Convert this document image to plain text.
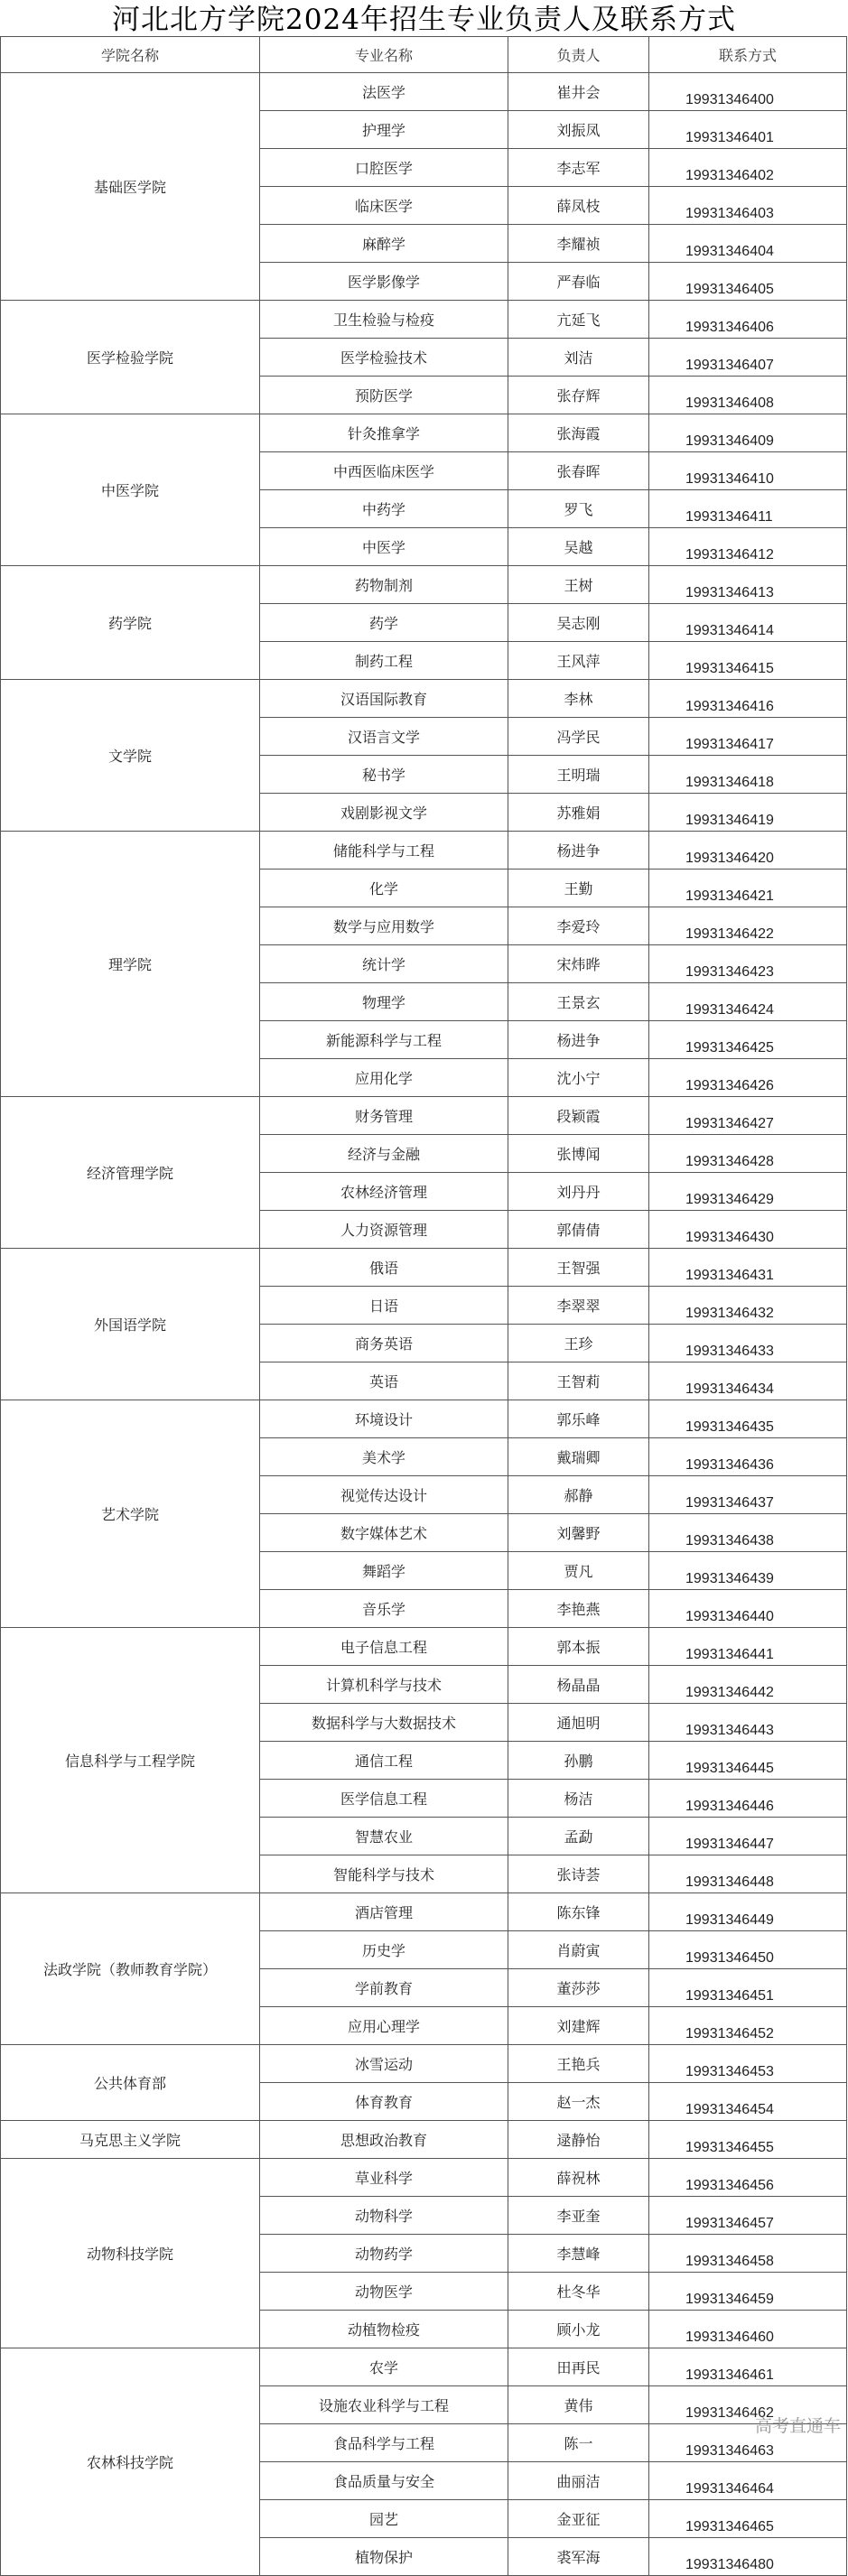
河北北方学院2024年招生专业负责人及联系方式
学院名称	专业名称	负责人	联系方式
基础医学院	法医学	崔井会	19931346400
	护理学	刘振凤	19931346401
	口腔医学	李志军	19931346402
	临床医学	薛凤枝	19931346403
	麻醉学	李耀祯	19931346404
	医学影像学	严春临	19931346405
医学检验学院	卫生检验与检疫	亢延飞	19931346406
	医学检验技术	刘洁	19931346407
	预防医学	张存辉	19931346408
中医学院	针灸推拿学	张海霞	19931346409
	中西医临床医学	张春晖	19931346410
	中药学	罗飞	19931346411
	中医学	吴越	19931346412
药学院	药物制剂	王树	19931346413
	药学	吴志刚	19931346414
	制药工程	王风萍	19931346415
文学院	汉语国际教育	李林	19931346416
	汉语言文学	冯学民	19931346417
	秘书学	王明瑞	19931346418
	戏剧影视文学	苏雅娟	19931346419
理学院	储能科学与工程	杨进争	19931346420
	化学	王勤	19931346421
	数学与应用数学	李爱玲	19931346422
	统计学	宋炜晔	19931346423
	物理学	王景玄	19931346424
	新能源科学与工程	杨进争	19931346425
	应用化学	沈小宁	19931346426
经济管理学院	财务管理	段颖霞	19931346427
	经济与金融	张博闻	19931346428
	农林经济管理	刘丹丹	19931346429
	人力资源管理	郭倩倩	19931346430
外国语学院	俄语	王智强	19931346431
	日语	李翠翠	19931346432
	商务英语	王珍	19931346433
	英语	王智莉	19931346434
艺术学院	环境设计	郭乐峰	19931346435
	美术学	戴瑞卿	19931346436
	视觉传达设计	郝静	19931346437
	数字媒体艺术	刘馨野	19931346438
	舞蹈学	贾凡	19931346439
	音乐学	李艳燕	19931346440
信息科学与工程学院	电子信息工程	郭本振	19931346441
	计算机科学与技术	杨晶晶	19931346442
	数据科学与大数据技术	通旭明	19931346443
	通信工程	孙鹏	19931346445
	医学信息工程	杨洁	19931346446
	智慧农业	孟勐	19931346447
	智能科学与技术	张诗荟	19931346448
法政学院（教师教育学院）	酒店管理	陈东锋	19931346449
	历史学	肖蔚寅	19931346450
	学前教育	董莎莎	19931346451
	应用心理学	刘建辉	19931346452
公共体育部	冰雪运动	王艳兵	19931346453
	体育教育	赵一杰	19931346454
马克思主义学院	思想政治教育	逯静怡	19931346455
动物科技学院	草业科学	薛祝林	19931346456
	动物科学	李亚奎	19931346457
	动物药学	李慧峰	19931346458
	动物医学	杜冬华	19931346459
	动植物检疫	顾小龙	19931346460
农林科技学院	农学	田再民	19931346461
	设施农业科学与工程	黄伟	19931346462
	食品科学与工程	陈一	19931346463
	食品质量与安全	曲丽洁	19931346464
	园艺	金亚征	19931346465
	植物保护	裘军海	19931346480
高考直通车
